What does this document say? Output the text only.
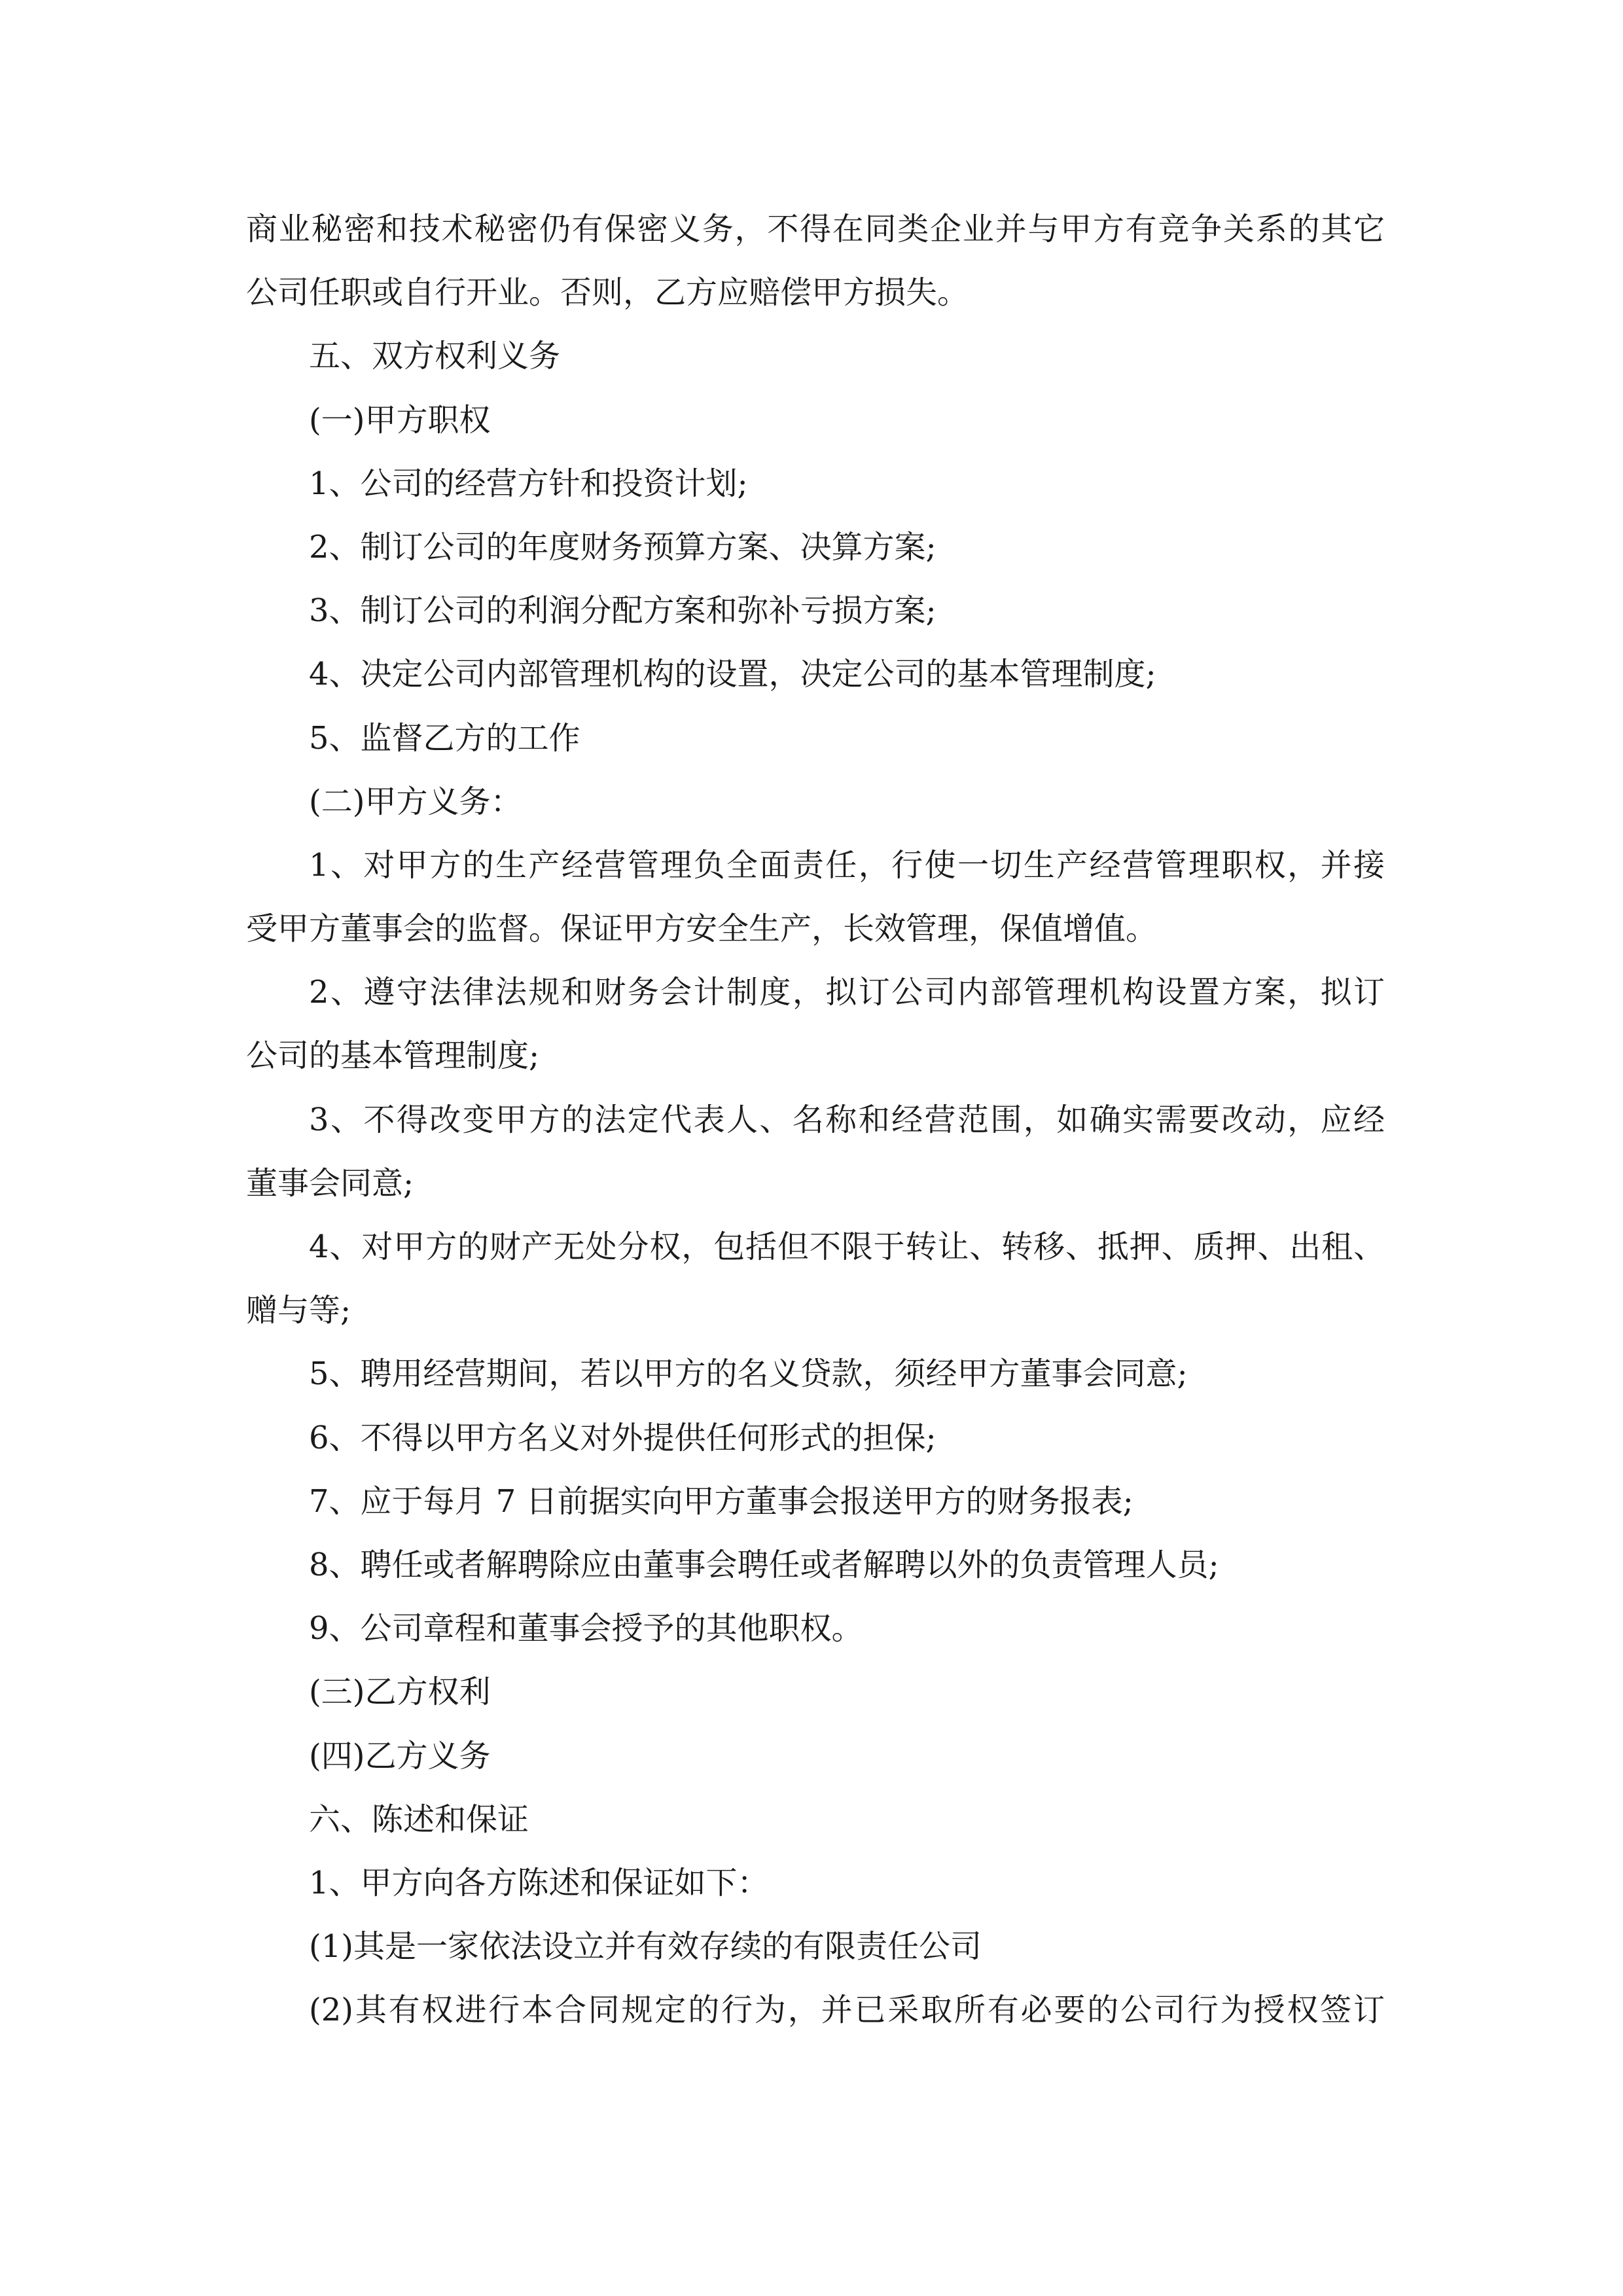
商业秘密和技术秘密仍有保密义务，不得在同类企业并与甲方有竞争关系的其它
公司任职或自行开业。否则，乙方应赔偿甲方损失。
五、双方权利义务
(一)甲方职权
1、公司的经营方针和投资计划;
2、制订公司的年度财务预算方案、决算方案;
3、制订公司的利润分配方案和弥补亏损方案;
4、决定公司内部管理机构的设置，决定公司的基本管理制度;
5、监督乙方的工作
(二)甲方义务：
1、对甲方的生产经营管理负全面责任，行使一切生产经营管理职权，并接
受甲方董事会的监督。保证甲方安全生产，长效管理，保值增值。
2、遵守法律法规和财务会计制度，拟订公司内部管理机构设置方案，拟订
公司的基本管理制度;
3、不得改变甲方的法定代表人、名称和经营范围，如确实需要改动，应经
董事会同意;
4、对甲方的财产无处分权，包括但不限于转让、转移、抵押、质押、出租、
赠与等;
5、聘用经营期间，若以甲方的名义贷款，须经甲方董事会同意;
6、不得以甲方名义对外提供任何形式的担保;
7、应于每月 7 日前据实向甲方董事会报送甲方的财务报表;
8、聘任或者解聘除应由董事会聘任或者解聘以外的负责管理人员;
9、公司章程和董事会授予的其他职权。
(三)乙方权利
(四)乙方义务
六、陈述和保证
1、甲方向各方陈述和保证如下：
(1)其是一家依法设立并有效存续的有限责任公司
(2)其有权进行本合同规定的行为，并已采取所有必要的公司行为授权签订
